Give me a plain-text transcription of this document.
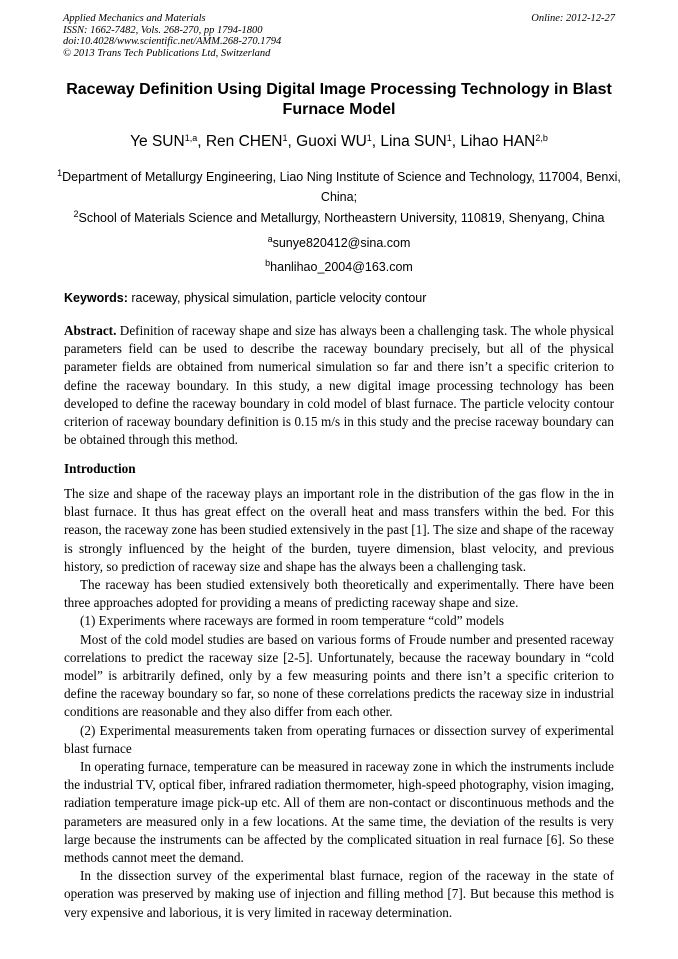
Applied Mechanics and Materials
ISSN: 1662-7482, Vols. 268-270, pp 1794-1800
doi:10.4028/www.scientific.net/AMM.268-270.1794
© 2013 Trans Tech Publications Ltd, Switzerland
Online: 2012-12-27
Raceway Definition Using Digital Image Processing Technology in Blast Furnace Model
Ye SUN$^{1,a}$, Ren CHEN$^1$, Guoxi $WU^1$, Lina SUN$^1$, Lihao HAN$^{2,b}$
$^1$Department of Metallurgy Engineering, Liao Ning Institute of Science and Technology, 117004, Benxi, China;
$^2$School of Materials Science and Metallurgy, Northeastern University, 110819, Shenyang, China
$^a$sunye820412@sina.com
$^b$hanlihao_2004@163.com
Keywords: raceway, physical simulation, particle velocity contour

Abstract. Definition of raceway shape and size has always been a challenging task. The whole physical parameters field can be used to describe the raceway boundary precisely, but all of the physical parameter fields are obtained from numerical simulation so far and there isn’t a specific criterion to define the raceway boundary. In this study, a new digital image processing technology has been developed to define the raceway boundary in cold model of blast furnace. The particle velocity contour criterion of raceway boundary definition is 0.15 m/s in this study and the precise raceway boundary can be obtained through this method.

Introduction

The size and shape of the raceway plays an important role in the distribution of the gas flow in the in blast furnace. It thus has great effect on the overall heat and mass transfers within the bed. For this reason, the raceway zone has been studied extensively in the past [1]. The size and shape of the raceway is strongly influenced by the height of the burden, tuyere dimension, blast velocity, and previous history, so prediction of raceway size and shape has the always been a challenging task.

The raceway has been studied extensively both theoretically and experimentally. There have been three approaches adopted for providing a means of predicting raceway shape and size.

(1) Experiments where raceways are formed in room temperature “cold” models

Most of the cold model studies are based on various forms of Froude number and presented raceway correlations to predict the raceway size [2-5]. Unfortunately, because the raceway boundary in “cold model” is arbitrarily defined, only by a few measuring points and there isn’t a specific criterion to define the raceway boundary so far, so none of these correlations predicts the raceway size in industrial conditions are reasonable and they also differ from each other.

(2) Experimental measurements taken from operating furnaces or dissection survey of experimental blast furnace

In operating furnace, temperature can be measured in raceway zone in which the instruments include the industrial TV, optical fiber, infrared radiation thermometer, high-speed photography, vision imaging, radiation temperature image pick-up etc. All of them are non-contact or discontinuous methods and the parameters are measured only in a few locations. At the same time, the deviation of the results is very large because the instruments can be affected by the complicated situation in real furnace [6]. So these methods cannot meet the demand.

In the dissection survey of the experimental blast furnace, region of the raceway in the state of operation was preserved by making use of injection and filling method [7]. But because this method is very expensive and laborious, it is very limited in raceway determination.
